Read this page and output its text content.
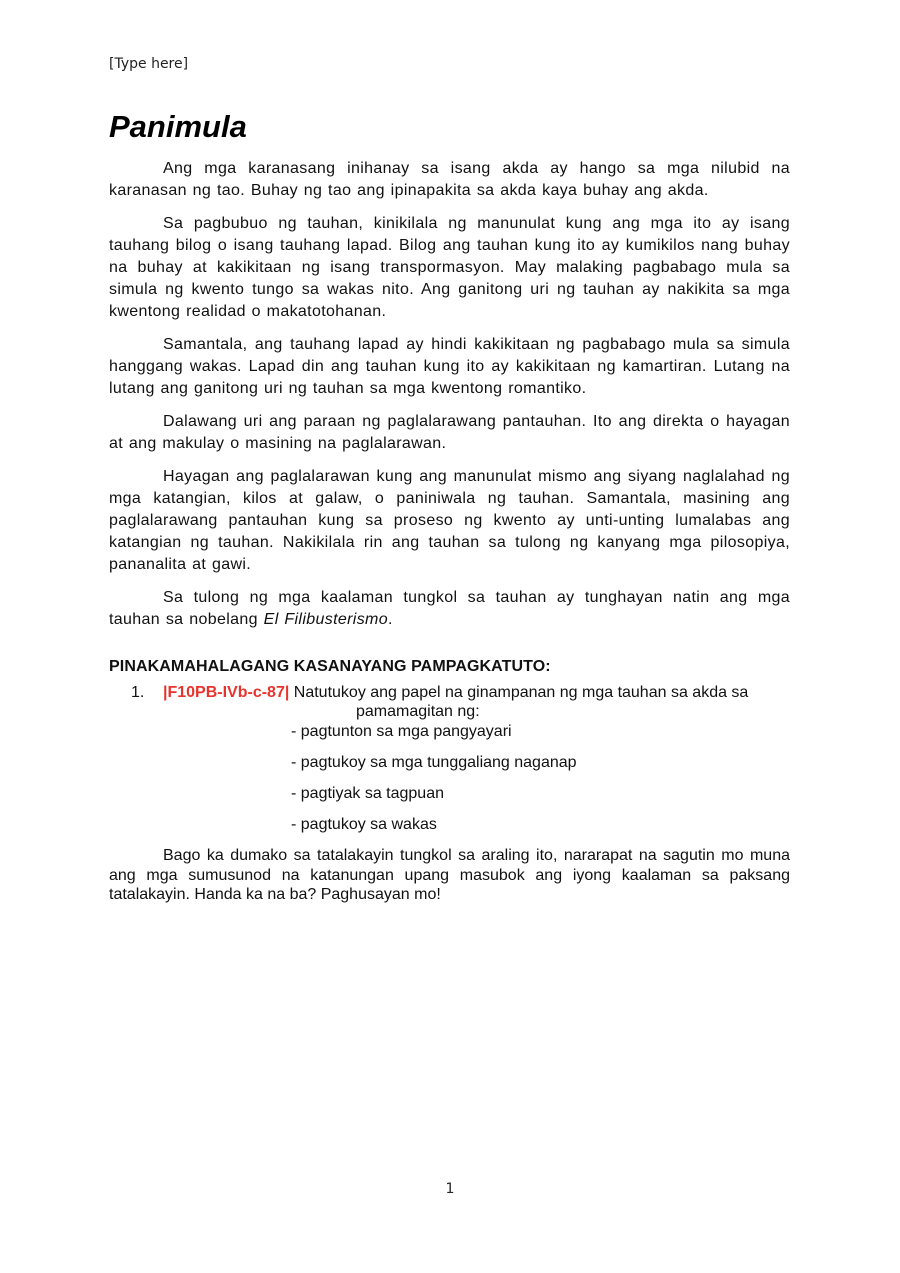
[Type here]
Panimula

Ang mga karanasang inihanay sa isang akda ay hango sa mga nilubid na karanasan ng tao. Buhay ng tao ang ipinapakita sa akda kaya buhay ang akda.

Sa pagbubuo ng tauhan, kinikilala ng manunulat kung ang mga ito ay isang tauhang bilog o isang tauhang lapad. Bilog ang tauhan kung ito ay kumikilos nang buhay na buhay at kakikitaan ng isang transpormasyon. May malaking pagbabago mula sa simula ng kwento tungo sa wakas nito. Ang ganitong uri ng tauhan ay nakikita sa mga kwentong realidad o makatotohanan.

Samantala, ang tauhang lapad ay hindi kakikitaan ng pagbabago mula sa simula hanggang wakas. Lapad din ang tauhan kung ito ay kakikitaan ng kamartiran. Lutang na lutang ang ganitong uri ng tauhan sa mga kwentong romantiko.

Dalawang uri ang paraan ng paglalarawang pantauhan. Ito ang direkta o hayagan at ang makulay o masining na paglalarawan.

Hayagan ang paglalarawan kung ang manunulat mismo ang siyang naglalahad ng mga katangian, kilos at galaw, o paniniwala ng tauhan. Samantala, masining ang paglalarawang pantauhan kung sa proseso ng kwento ay unti-unting lumalabas ang katangian ng tauhan. Nakikilala rin ang tauhan sa tulong ng kanyang mga pilosopiya, pananalita at gawi.

Sa tulong ng mga kaalaman tungkol sa tauhan ay tunghayan natin ang mga tauhan sa nobelang El Filibusterismo.

PINAKAMAHALAGANG KASANAYANG PAMPAGKATUTO:
1. |F10PB-IVb-c-87| Natutukoy ang papel na ginampanan ng mga tauhan sa akda sa
pamamagitan ng:
- pagtunton sa mga pangyayari
- pagtukoy sa mga tunggaliang naganap
- pagtiyak sa tagpuan
- pagtukoy sa wakas

Bago ka dumako sa tatalakayin tungkol sa araling ito, nararapat na sagutin mo muna ang mga sumusunod na katanungan upang masubok ang iyong kaalaman sa paksang tatalakayin. Handa ka na ba? Paghusayan mo!

1
